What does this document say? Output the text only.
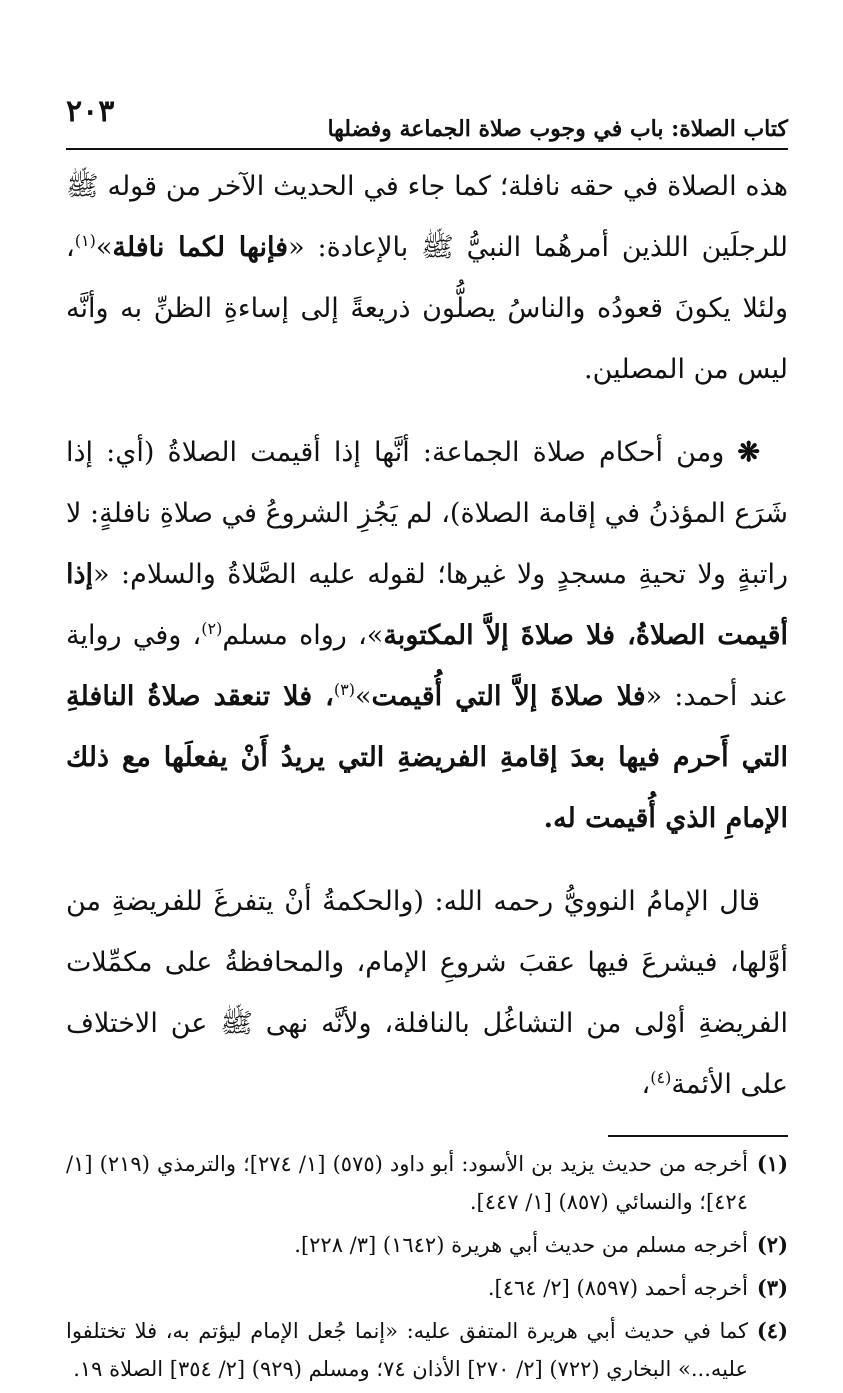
كتاب الصلاة: باب في وجوب صلاة الجماعة وفضلها
٢٠٣

هذه الصلاة في حقه نافلة؛ كما جاء في الحديث الآخر من قوله ﷺ للرجلَين اللذين أمرهُما النبيُّ ﷺ بالإعادة: «فإنها لكما نافلة»$^{(١)}$، ولئلا يكونَ قعودُه والناسُ يصلُّون ذريعةً إلى إساءةِ الظنِّ به وأنَّه ليس من المصلين.

❋ ومن أحكام صلاة الجماعة: أنَّها إذا أقيمت الصلاةُ (أي: إذا شَرَع المؤذنُ في إقامة الصلاة)، لم يَجُزِ الشروعُ في صلاةِ نافلةٍ: لا راتبةٍ ولا تحيةِ مسجدٍ ولا غيرها؛ لقوله عليه الصَّلاةُ والسلام: «إذا أقيمت الصلاةُ، فلا صلاةَ إلاَّ المكتوبة»، رواه مسلم$^{(٢)}$، وفي رواية عند أحمد: «فلا صلاةَ إلاَّ التي أُقيمت»$^{(٣)}$، فلا تنعقد صلاةُ النافلةِ التي أَحرم فيها بعدَ إقامةِ الفريضةِ التي يريدُ أَنْ يفعلَها مع ذلك الإمامِ الذي أُقيمت له.

قال الإمامُ النوويُّ رحمه الله: (والحكمةُ أنْ يتفرغَ للفريضةِ من أوَّلها، فيشرعَ فيها عقبَ شروعِ الإمام، والمحافظةُ على مكمِّلات الفريضةِ أوْلى من التشاغُل بالنافلة، ولأنَّه نهى ﷺ عن الاختلاف على الأئمة$^{(٤)}$،

(١)
أخرجه من حديث يزيد بن الأسود: أبو داود (٥٧٥) [١/ ٢٧٤]؛ والترمذي (٢١٩) [١/ ٤٢٤]؛ والنسائي (٨٥٧) [١/ ٤٤٧].
(٢)
أخرجه مسلم من حديث أبي هريرة (١٦٤٢) [٣/ ٢٢٨].
(٣)
أخرجه أحمد (٨٥٩٧) [٢/ ٤٦٤].
(٤)
كما في حديث أبي هريرة المتفق عليه: «إنما جُعل الإمام ليؤتم به، فلا تختلفوا عليه...» البخاري (٧٢٢) [٢/ ٢٧٠] الأذان ٧٤؛ ومسلم (٩٢٩) [٢/ ٣٥٤] الصلاة ١٩.
